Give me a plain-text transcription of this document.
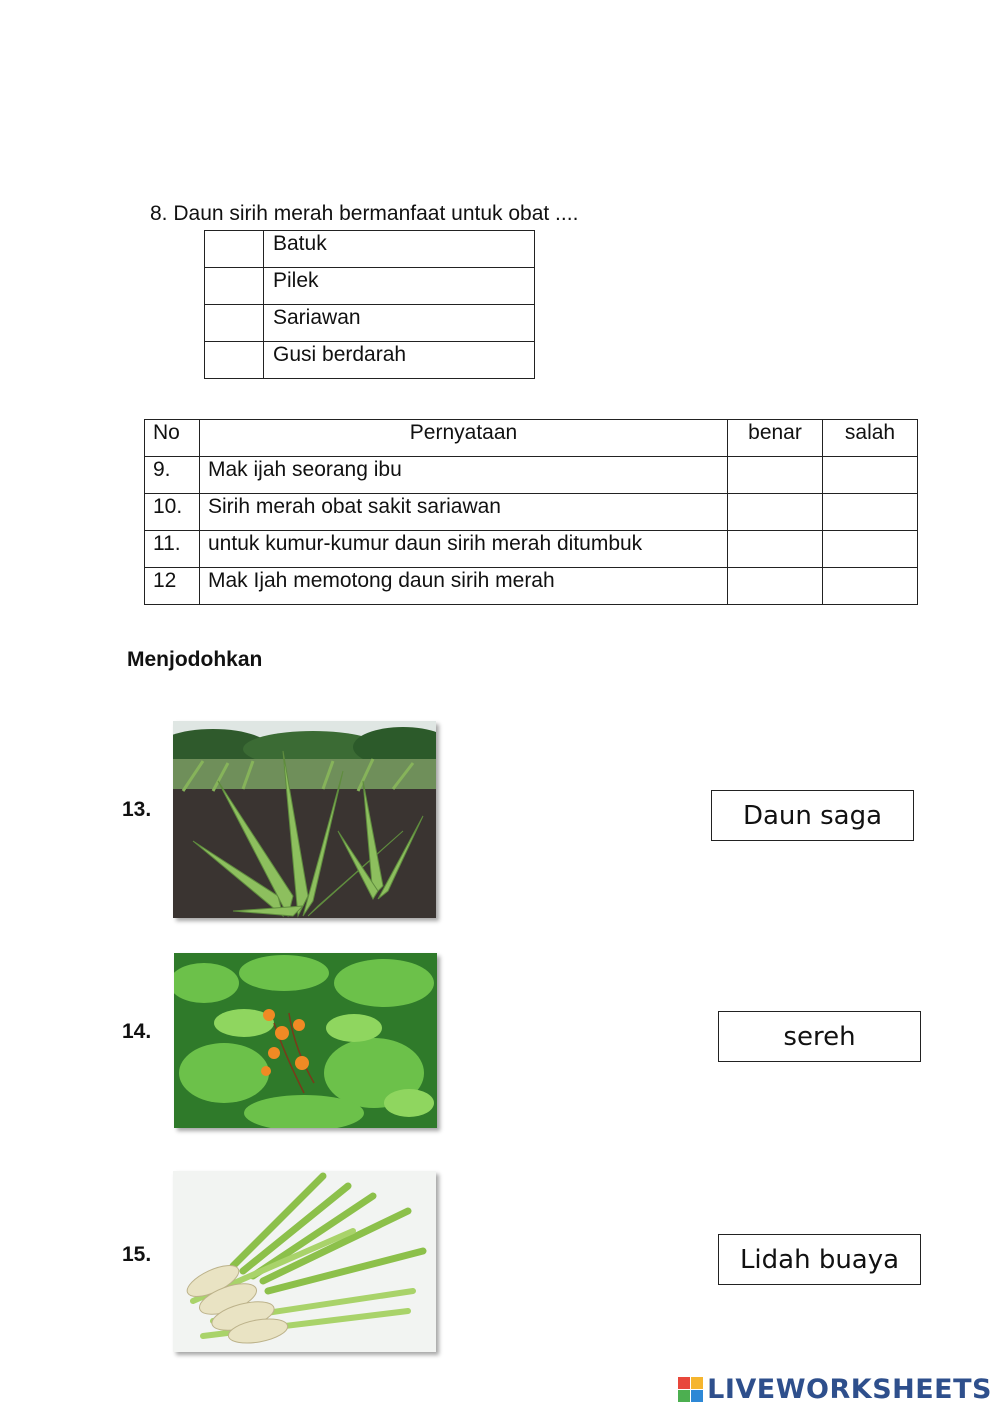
8. Daun sirih merah bermanfaat untuk obat ....
	Batuk
	Pilek
	Sariawan
	Gusi berdarah
No	Pernyataan	benar	salah
9.	Mak ijah seorang ibu		
10.	Sirih merah obat sakit sariawan		
11.	untuk kumur-kumur daun sirih merah ditumbuk		
12	Mak Ijah memotong daun sirih merah		
Menjodohkan
13.	Daun saga
14.	sereh
15.	Lidah buaya
LIVEWORKSHEETS
